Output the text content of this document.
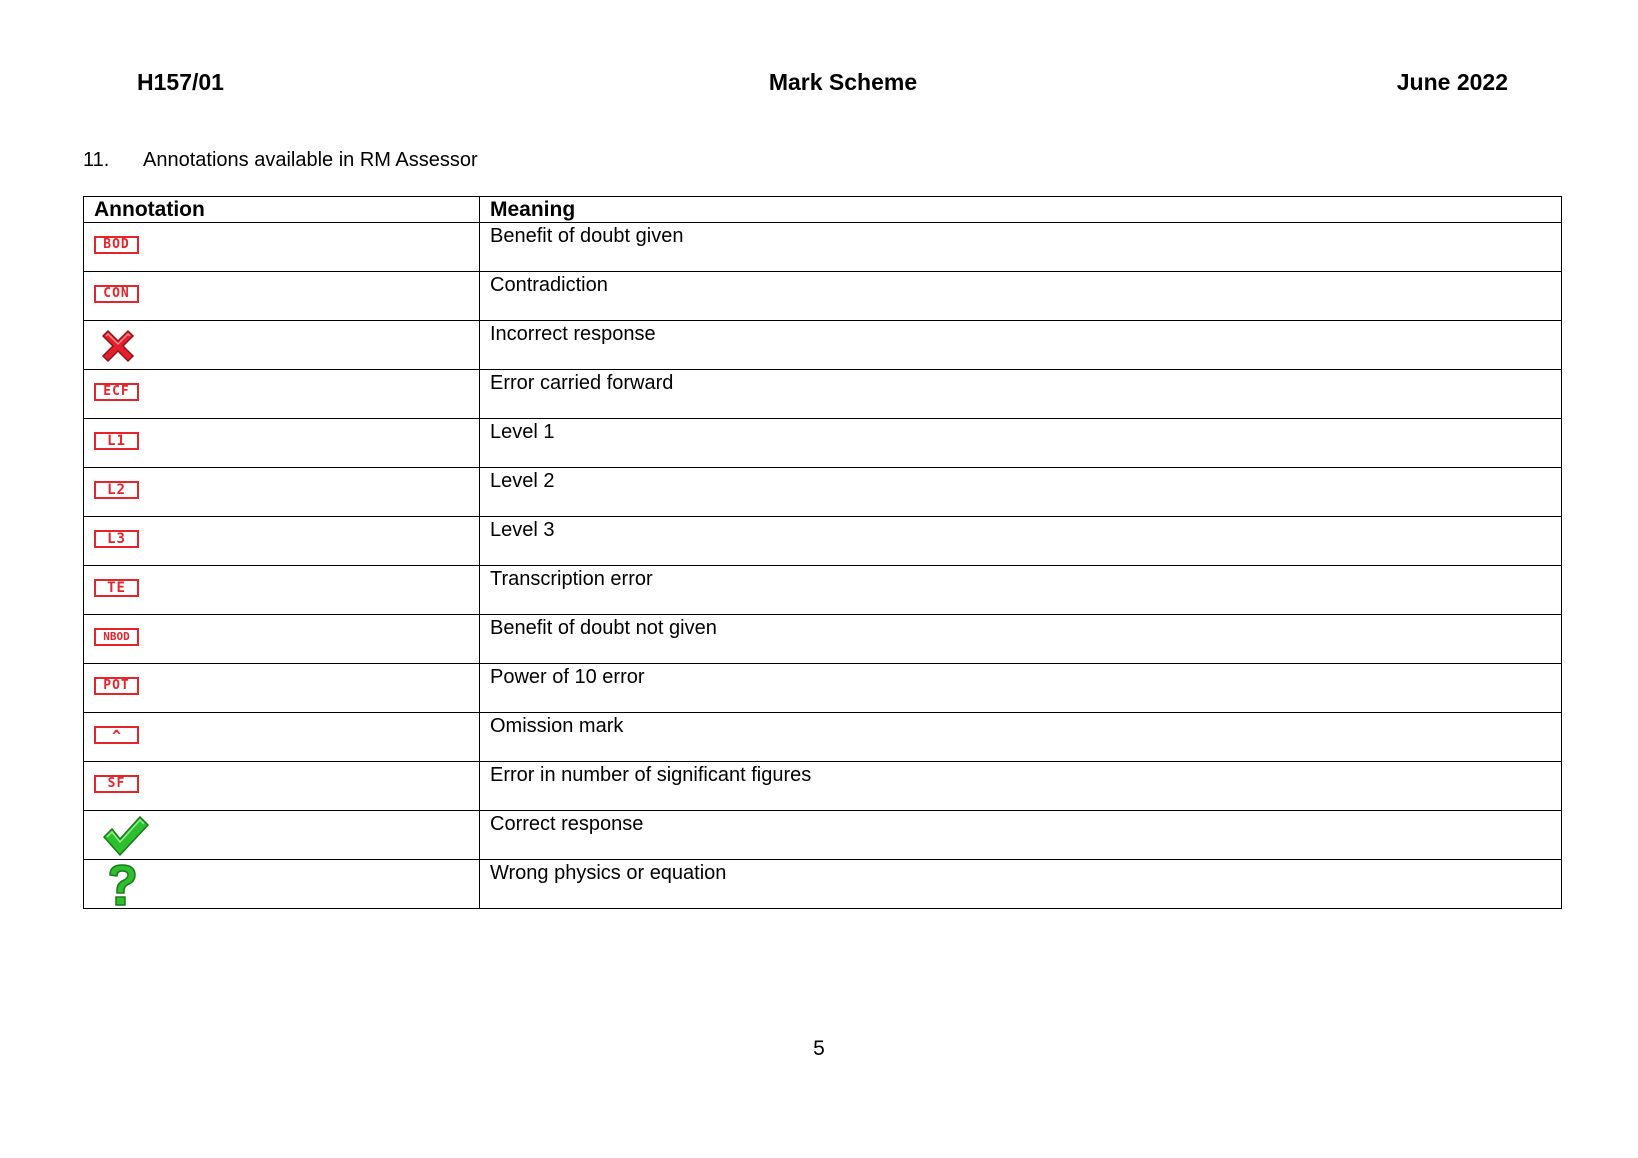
H157/01	Mark Scheme	June 2022
11. Annotations available in RM Assessor
Annotation	Meaning
BOD	Benefit of doubt given
CON	Contradiction

	Incorrect response
ECF	Error carried forward
L1	Level 1
L2	Level 2
L3	Level 3
TE	Transcription error
NBOD	Benefit of doubt not given
POT	Power of 10 error
^	Omission mark
SF	Error in number of significant figures

	Correct response

	Wrong physics or equation
5
